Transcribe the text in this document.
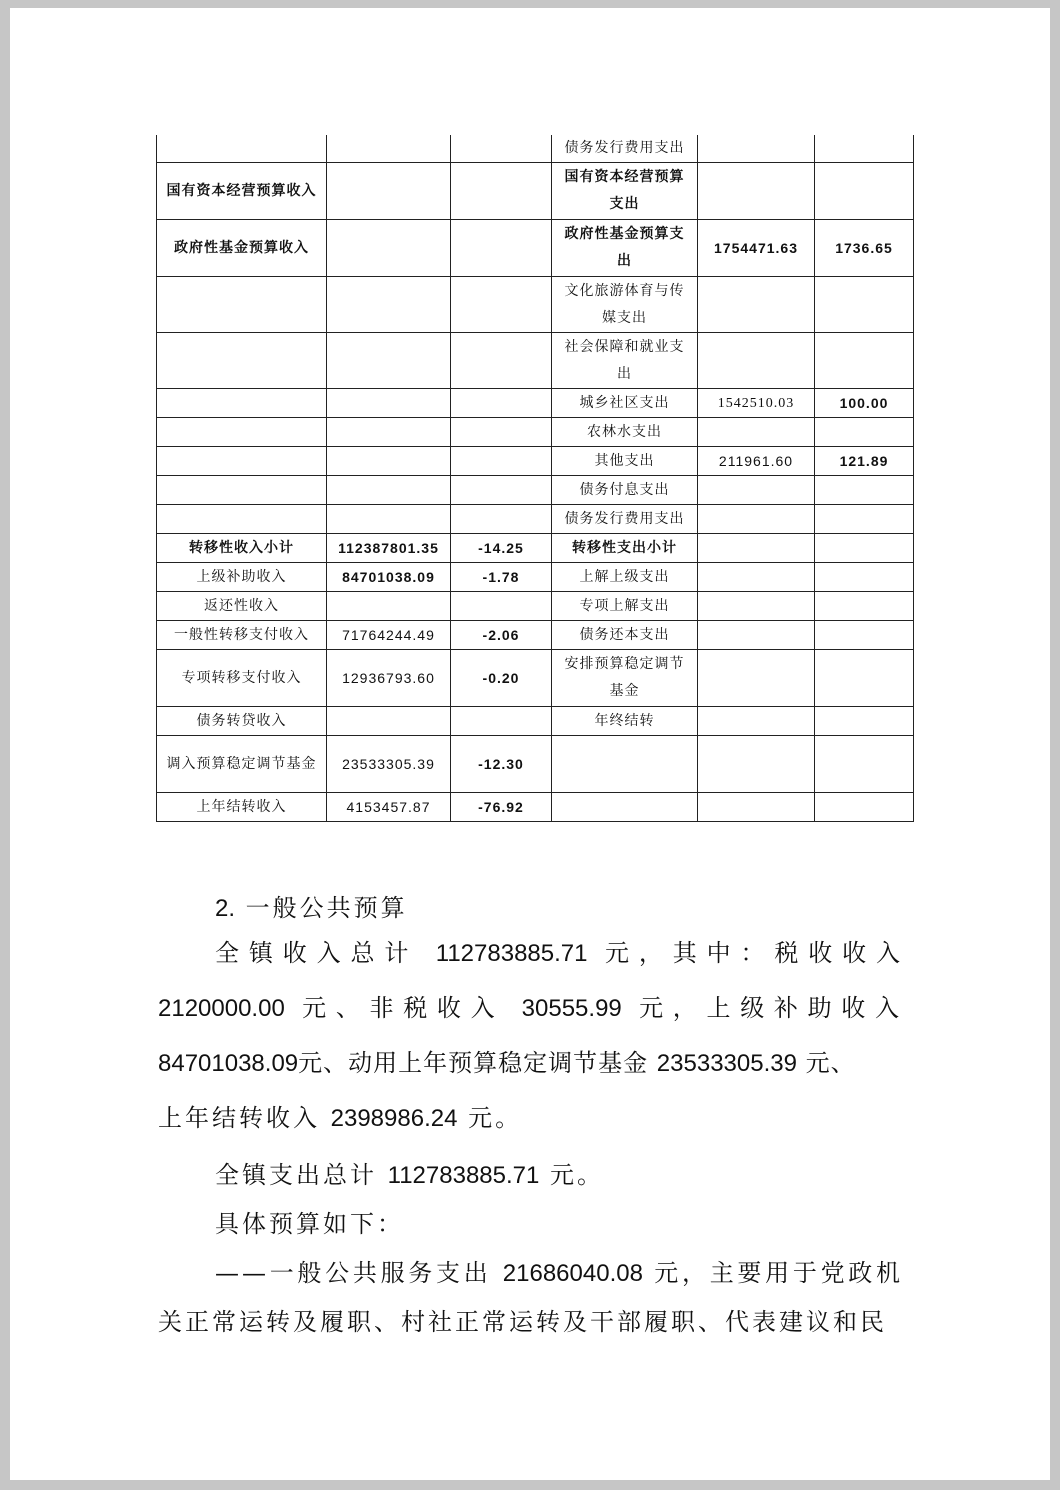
			债务发行费用支出		
国有资本经营预算收入			国有资本经营预算支出		
政府性基金预算收入			政府性基金预算支出	1754471.63	1736.65
			文化旅游体育与传媒支出		
			社会保障和就业支出		
			城乡社区支出	1542510.03	100.00
			农林水支出		
			其他支出	211961.60	121.89
			债务付息支出		
			债务发行费用支出		
转移性收入小计	112387801.35	-14.25	转移性支出小计		
上级补助收入	84701038.09	-1.78	上解上级支出		
返还性收入			专项上解支出		
一般性转移支付收入	71764244.49	-2.06	债务还本支出		
专项转移支付收入	12936793.60	-0.20	安排预算稳定调节基金		
债务转贷收入			年终结转		
调入预算稳定调节基金	23533305.39	-12.30			
上年结转收入	4153457.87	-76.92			

2. 一般公共预算

全镇收入总计 112783885.71 元，其中：税收收入

2120000.00 元、非税收入 30555.99 元，上级补助收入

84701038.09元、动用上年预算稳定调节基金 23533305.39 元、

上年结转收入 2398986.24 元。

全镇支出总计 112783885.71 元。

具体预算如下：

——一般公共服务支出 21686040.08 元，主要用于党政机

关正常运转及履职、村社正常运转及干部履职、代表建议和民
